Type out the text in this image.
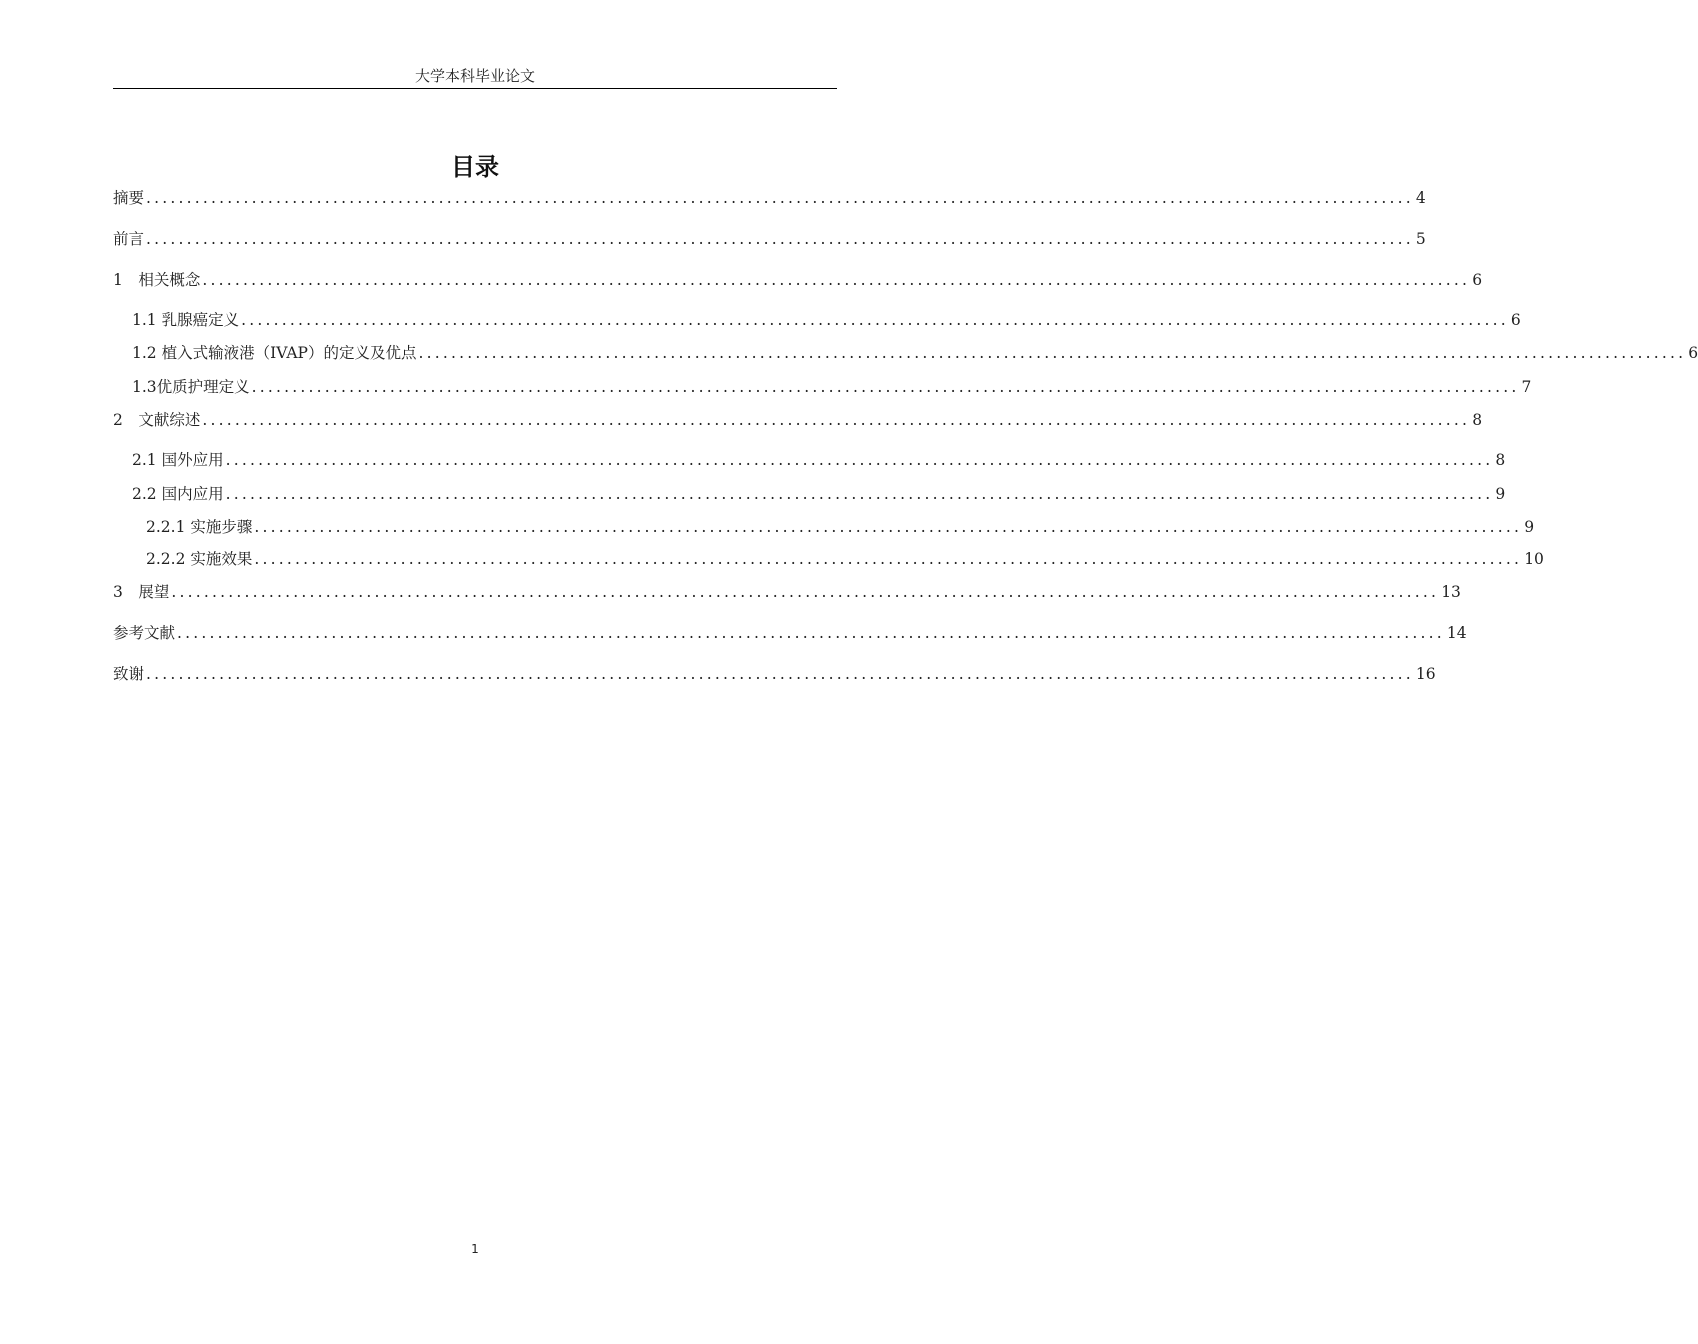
大学本科毕业论文
目录
摘要 ............................................................................................................................................................ 4
前言 ............................................................................................................................................................ 5
1　相关概念 ............................................................................................................................................................ 6
1.1 乳腺癌定义 ............................................................................................................................................................ 6
1.2 植入式输液港（IVAP）的定义及优点 ............................................................................................................................................................ 6
1.3优质护理定义 ............................................................................................................................................................ 7
2　文献综述 ............................................................................................................................................................ 8
2.1 国外应用 ............................................................................................................................................................ 8
2.2 国内应用 ............................................................................................................................................................ 9
2.2.1 实施步骤 ............................................................................................................................................................ 9
2.2.2 实施效果 ............................................................................................................................................................ 10
3　展望 ............................................................................................................................................................ 13
参考文献 ............................................................................................................................................................ 14
致谢 ............................................................................................................................................................ 16
1
